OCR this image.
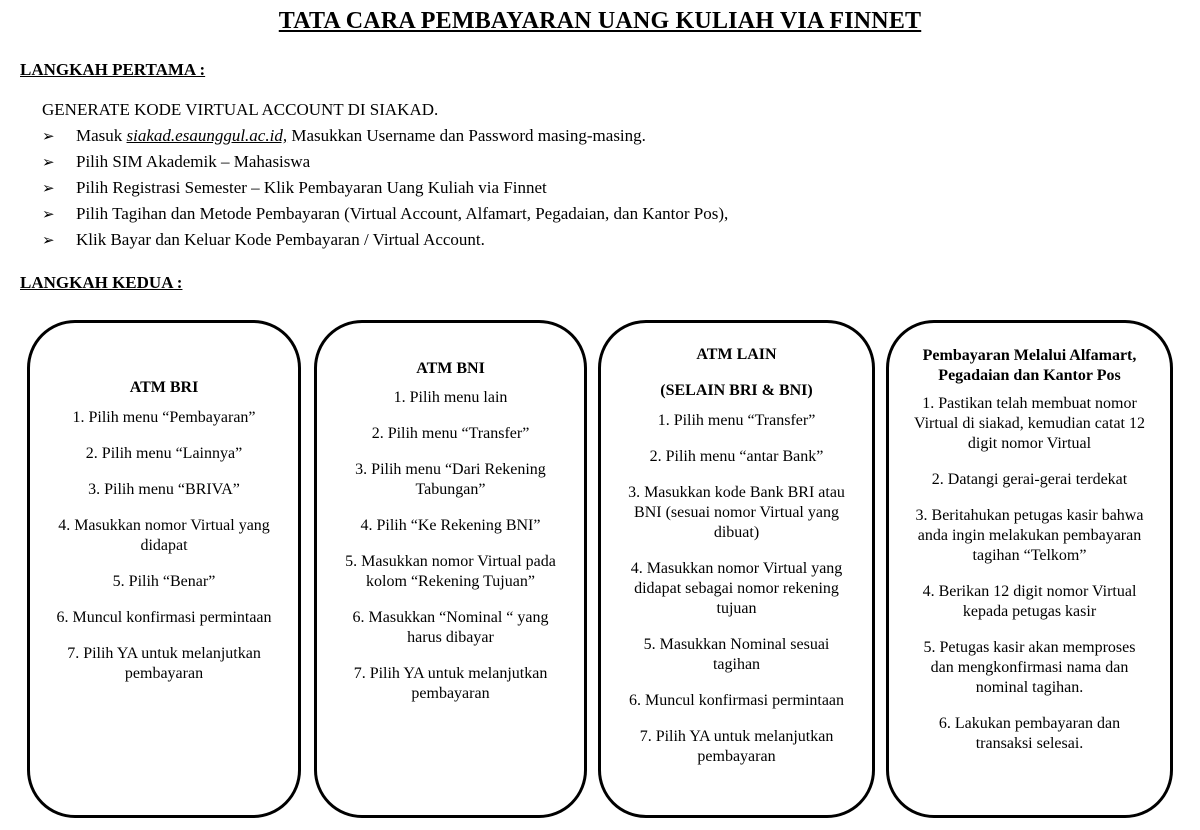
TATA CARA PEMBAYARAN UANG KULIAH VIA FINNET
LANGKAH PERTAMA :
GENERATE KODE VIRTUAL ACCOUNT DI SIAKAD.
➢	Masuk siakad.esaunggul.ac.id, Masukkan Username dan Password masing-masing.
➢	Pilih SIM Akademik – Mahasiswa
➢	Pilih Registrasi Semester – Klik Pembayaran Uang Kuliah via Finnet
➢	Pilih Tagihan dan Metode Pembayaran (Virtual Account, Alfamart, Pegadaian, dan Kantor Pos),
➢	Klik Bayar dan Keluar Kode Pembayaran / Virtual Account.
LANGKAH KEDUA :
ATM BRI
1. Pilih menu “Pembayaran”
2. Pilih menu “Lainnya”
3. Pilih menu “BRIVA”
4. Masukkan nomor Virtual yang didapat
5. Pilih “Benar”
6. Muncul konfirmasi permintaan
7. Pilih YA untuk melanjutkan pembayaran
ATM BNI
1. Pilih menu lain
2. Pilih menu “Transfer”
3. Pilih menu “Dari Rekening Tabungan”
4. Pilih “Ke Rekening BNI”
5. Masukkan nomor Virtual pada kolom “Rekening Tujuan”
6. Masukkan “Nominal “ yang harus dibayar
7. Pilih YA untuk melanjutkan pembayaran
ATM LAIN
(SELAIN BRI & BNI)
1. Pilih menu “Transfer”
2. Pilih menu “antar Bank”
3. Masukkan kode Bank BRI atau BNI (sesuai nomor Virtual yang dibuat)
4. Masukkan nomor Virtual yang didapat sebagai nomor rekening tujuan
5. Masukkan Nominal sesuai tagihan
6. Muncul konfirmasi permintaan
7. Pilih YA untuk melanjutkan pembayaran
Pembayaran Melalui Alfamart, Pegadaian dan Kantor Pos
1. Pastikan telah membuat nomor Virtual di siakad, kemudian catat 12 digit nomor Virtual
2. Datangi gerai-gerai terdekat
3. Beritahukan petugas kasir bahwa anda ingin melakukan pembayaran tagihan “Telkom”
4. Berikan 12 digit nomor Virtual kepada petugas kasir
5. Petugas kasir akan memproses dan mengkonfirmasi nama dan nominal tagihan.
6. Lakukan pembayaran dan transaksi selesai.
